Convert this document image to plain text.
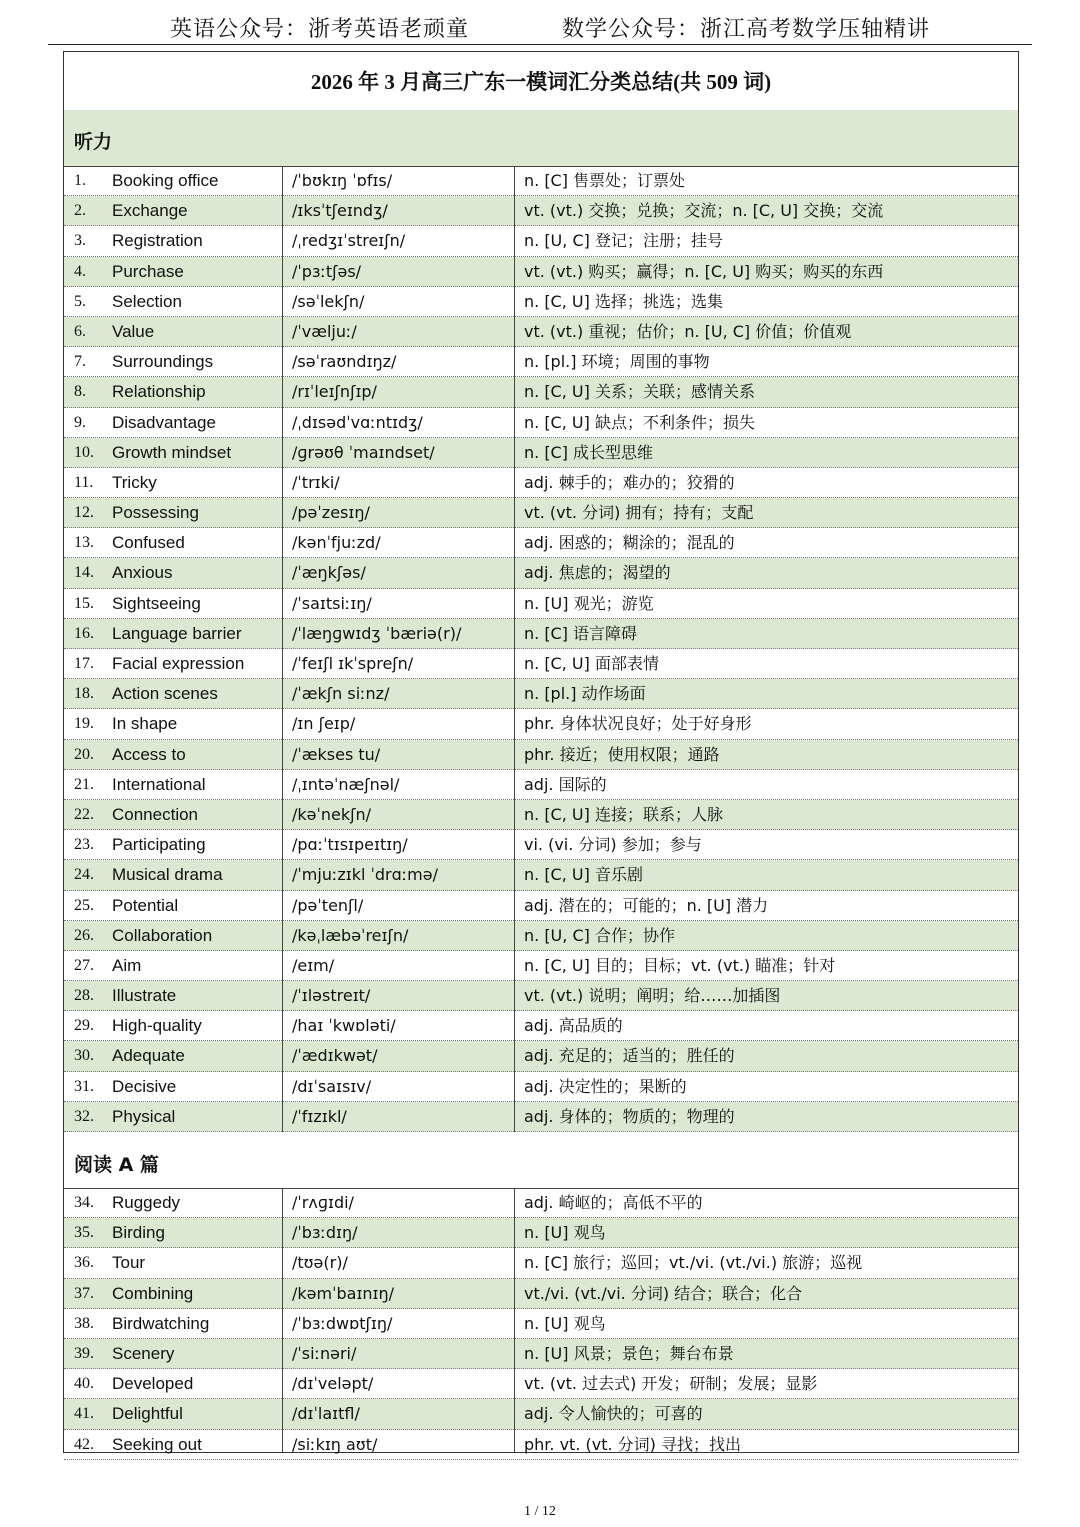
英语公众号：浙考英语老顽童	数学公众号：浙江高考数学压轴精讲
2026 年 3 月高三广东一模词汇分类总结(共 509 词)
听力
1.	Booking office	/ˈbʊkɪŋ ˈɒfɪs/	n. [C] 售票处；订票处
2.	Exchange	/ɪksˈtʃeɪndʒ/	vt. (vt.) 交换；兑换；交流；n. [C, U] 交换；交流
3.	Registration	/ˌredʒɪˈstreɪʃn/	n. [U, C] 登记；注册；挂号
4.	Purchase	/ˈpɜːtʃəs/	vt. (vt.) 购买；赢得；n. [C, U] 购买；购买的东西
5.	Selection	/səˈlekʃn/	n. [C, U] 选择；挑选；选集
6.	Value	/ˈvæljuː/	vt. (vt.) 重视；估价；n. [U, C] 价值；价值观
7.	Surroundings	/səˈraʊndɪŋz/	n. [pl.] 环境；周围的事物
8.	Relationship	/rɪˈleɪʃnʃɪp/	n. [C, U] 关系；关联；感情关系
9.	Disadvantage	/ˌdɪsədˈvɑːntɪdʒ/	n. [C, U] 缺点；不利条件；损失
10.	Growth mindset	/ɡrəʊθ ˈmaɪndset/	n. [C] 成长型思维
11.	Tricky	/ˈtrɪki/	adj. 棘手的；难办的；狡猾的
12.	Possessing	/pəˈzesɪŋ/	vt. (vt. 分词) 拥有；持有；支配
13.	Confused	/kənˈfjuːzd/	adj. 困惑的；糊涂的；混乱的
14.	Anxious	/ˈæŋkʃəs/	adj. 焦虑的；渴望的
15.	Sightseeing	/ˈsaɪtsiːɪŋ/	n. [U] 观光；游览
16.	Language barrier	/ˈlæŋɡwɪdʒ ˈbæriə(r)/	n. [C] 语言障碍
17.	Facial expression	/ˈfeɪʃl ɪkˈspreʃn/	n. [C, U] 面部表情
18.	Action scenes	/ˈækʃn siːnz/	n. [pl.] 动作场面
19.	In shape	/ɪn ʃeɪp/	phr. 身体状况良好；处于好身形
20.	Access to	/ˈækses tu/	phr. 接近；使用权限；通路
21.	International	/ˌɪntəˈnæʃnəl/	adj. 国际的
22.	Connection	/kəˈnekʃn/	n. [C, U] 连接；联系；人脉
23.	Participating	/pɑːˈtɪsɪpeɪtɪŋ/	vi. (vi. 分词) 参加；参与
24.	Musical drama	/ˈmjuːzɪkl ˈdrɑːmə/	n. [C, U] 音乐剧
25.	Potential	/pəˈtenʃl/	adj. 潜在的；可能的；n. [U] 潜力
26.	Collaboration	/kəˌlæbəˈreɪʃn/	n. [U, C] 合作；协作
27.	Aim	/eɪm/	n. [C, U] 目的；目标；vt. (vt.) 瞄准；针对
28.	Illustrate	/ˈɪləstreɪt/	vt. (vt.) 说明；阐明；给……加插图
29.	High-quality	/haɪ ˈkwɒləti/	adj. 高品质的
30.	Adequate	/ˈædɪkwət/	adj. 充足的；适当的；胜任的
31.	Decisive	/dɪˈsaɪsɪv/	adj. 决定性的；果断的
32.	Physical	/ˈfɪzɪkl/	adj. 身体的；物质的；物理的
阅读 A 篇
34.	Ruggedy	/ˈrʌɡɪdi/	adj. 崎岖的；高低不平的
35.	Birding	/ˈbɜːdɪŋ/	n. [U] 观鸟
36.	Tour	/tʊə(r)/	n. [C] 旅行；巡回；vt./vi. (vt./vi.) 旅游；巡视
37.	Combining	/kəmˈbaɪnɪŋ/	vt./vi. (vt./vi. 分词) 结合；联合；化合
38.	Birdwatching	/ˈbɜːdwɒtʃɪŋ/	n. [U] 观鸟
39.	Scenery	/ˈsiːnəri/	n. [U] 风景；景色；舞台布景
40.	Developed	/dɪˈveləpt/	vt. (vt. 过去式) 开发；研制；发展；显影
41.	Delightful	/dɪˈlaɪtfl/	adj. 令人愉快的；可喜的
42.	Seeking out	/siːkɪŋ aʊt/	phr. vt. (vt. 分词) 寻找；找出
1 / 12
